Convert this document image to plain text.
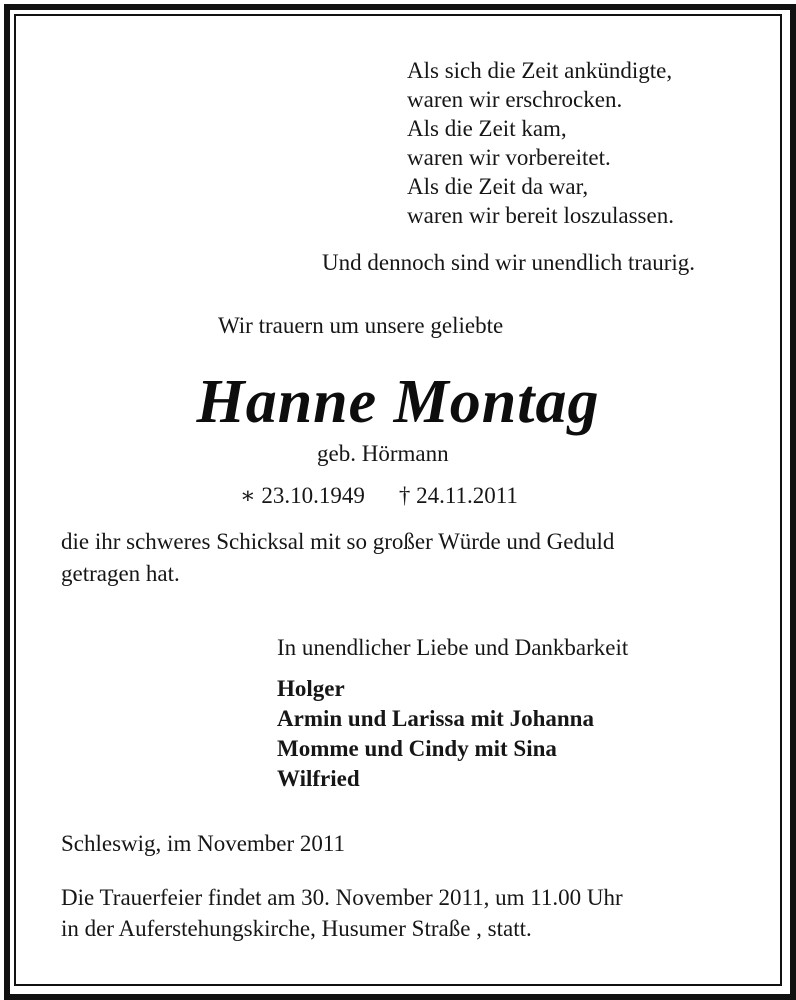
Als sich die Zeit ankündigte,
waren wir erschrocken.
Als die Zeit kam,
waren wir vorbereitet.
Als die Zeit da war,
waren wir bereit loszulassen.
Und dennoch sind wir unendlich traurig.
Wir trauern um unsere geliebte
Hanne Montag
geb. Hörmann
∗ 23.10.1949 † 24.11.2011
die ihr schweres Schicksal mit so großer Würde und Geduld
getragen hat.
In unendlicher Liebe und Dankbarkeit
Holger
Armin und Larissa mit Johanna
Momme und Cindy mit Sina
Wilfried
Schleswig, im November 2011
Die Trauerfeier findet am 30. November 2011, um 11.00 Uhr
in der Auferstehungskirche, Husumer Straße , statt.
